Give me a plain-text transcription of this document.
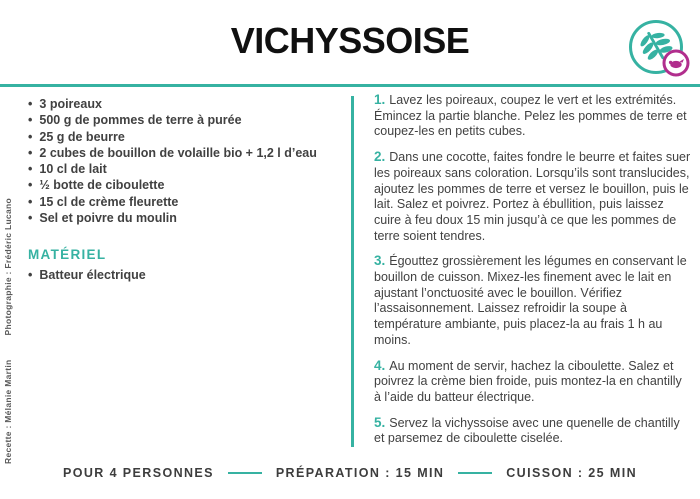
VICHYSSOISE
Recette : Mélanie Martin
Photographie : Frédéric Lucano
• 3 poireaux
• 500 g de pommes de terre à purée
• 25 g de beurre
• 2 cubes de bouillon de volaille bio + 1,2 l d’eau
• 10 cl de lait
• ½ botte de ciboulette
• 15 cl de crème fleurette
• Sel et poivre du moulin

MATÉRIEL

• Batteur électrique

1. Lavez les poireaux, coupez le vert et les extrémités. Émincez la partie blanche. Pelez les pommes de terre et coupez-les en petits cubes.

2. Dans une cocotte, faites fondre le beurre et faites suer les poireaux sans coloration. Lorsqu’ils sont translucides, ajoutez les pommes de terre et versez le bouillon, puis le lait. Salez et poivrez. Portez à ébullition, puis laissez cuire à feu doux 15 min jusqu’à ce que les pommes de terre soient tendres.

3. Égouttez grossièrement les légumes en conservant le bouillon de cuisson. Mixez-les finement avec le lait en ajustant l’onctuosité avec le bouillon. Vérifiez l’assaisonnement. Laissez refroidir la soupe à température ambiante, puis placez-la au frais 1 h au moins.

4. Au moment de servir, hachez la ciboulette. Salez et poivrez la crème bien froide, puis montez-la en chantilly à l’aide du batteur électrique.

5. Servez la vichyssoise avec une quenelle de chantilly et parsemez de ciboulette ciselée.

POUR 4 PERSONNES	PRÉPARATION : 15 MIN	CUISSON : 25 MIN
